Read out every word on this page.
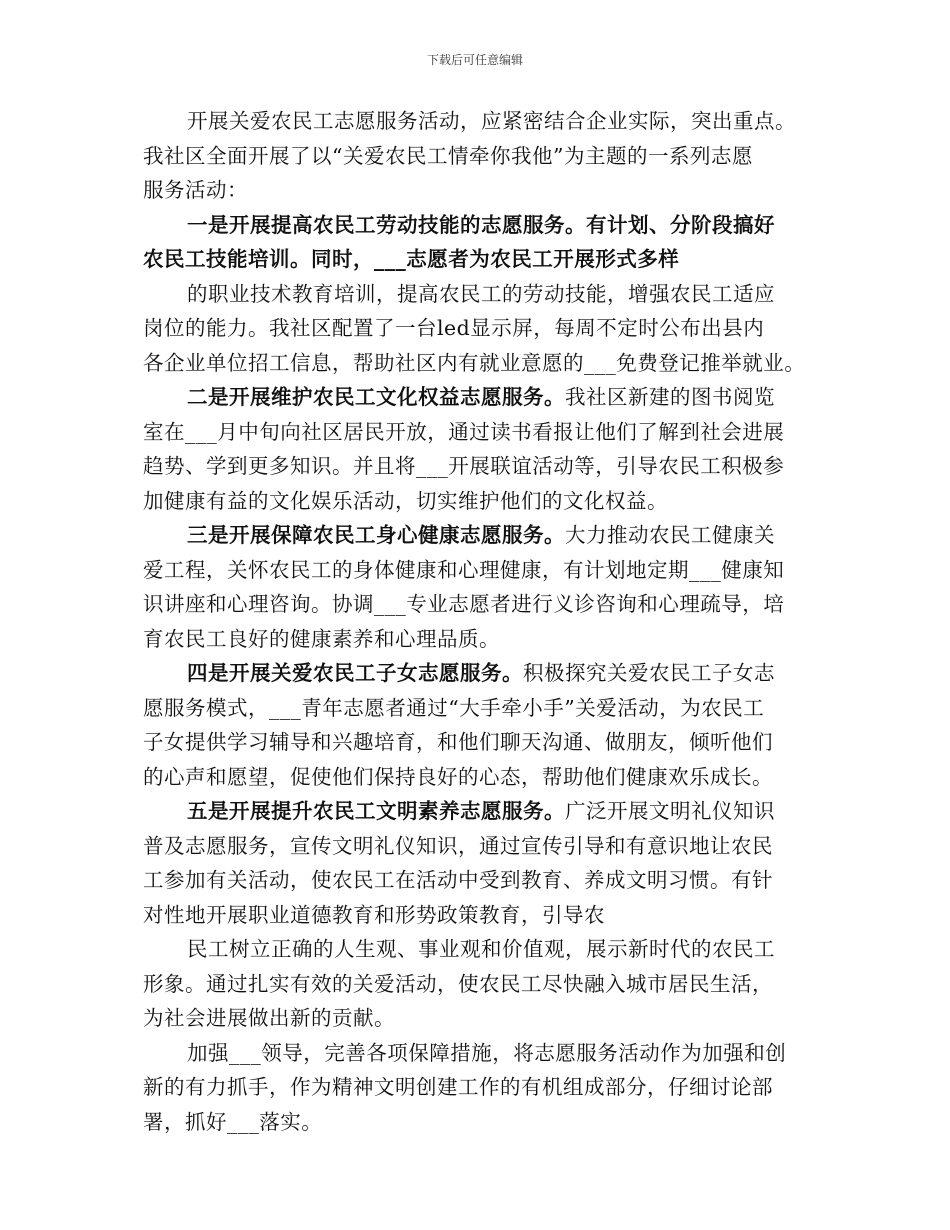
下载后可任意编辑
开展关爱农民工志愿服务活动，应紧密结合企业实际，突出重点。
我社区全面开展了以“关爱农民工情牵你我他”为主题的一系列志愿
服务活动：
一是开展提高农民工劳动技能的志愿服务。有计划、分阶段搞好
农民工技能培训。同时，___志愿者为农民工开展形式多样
的职业技术教育培训，提高农民工的劳动技能，增强农民工适应
岗位的能力。我社区配置了一台led显示屏，每周不定时公布出县内
各企业单位招工信息，帮助社区内有就业意愿的___免费登记推举就业。
二是开展维护农民工文化权益志愿服务。我社区新建的图书阅览
室在___月中旬向社区居民开放，通过读书看报让他们了解到社会进展
趋势、学到更多知识。并且将___开展联谊活动等，引导农民工积极参
加健康有益的文化娱乐活动，切实维护他们的文化权益。
三是开展保障农民工身心健康志愿服务。大力推动农民工健康关
爱工程，关怀农民工的身体健康和心理健康，有计划地定期___健康知
识讲座和心理咨询。协调___专业志愿者进行义诊咨询和心理疏导，培
育农民工良好的健康素养和心理品质。
四是开展关爱农民工子女志愿服务。积极探究关爱农民工子女志
愿服务模式，___青年志愿者通过“大手牵小手”关爱活动，为农民工
子女提供学习辅导和兴趣培育，和他们聊天沟通、做朋友，倾听他们
的心声和愿望，促使他们保持良好的心态，帮助他们健康欢乐成长。
五是开展提升农民工文明素养志愿服务。广泛开展文明礼仪知识
普及志愿服务，宣传文明礼仪知识，通过宣传引导和有意识地让农民
工参加有关活动，使农民工在活动中受到教育、养成文明习惯。有针
对性地开展职业道德教育和形势政策教育，引导农
民工树立正确的人生观、事业观和价值观，展示新时代的农民工
形象。通过扎实有效的关爱活动，使农民工尽快融入城市居民生活，
为社会进展做出新的贡献。
加强___领导，完善各项保障措施，将志愿服务活动作为加强和创
新的有力抓手，作为精神文明创建工作的有机组成部分，仔细讨论部
署，抓好___落实。
